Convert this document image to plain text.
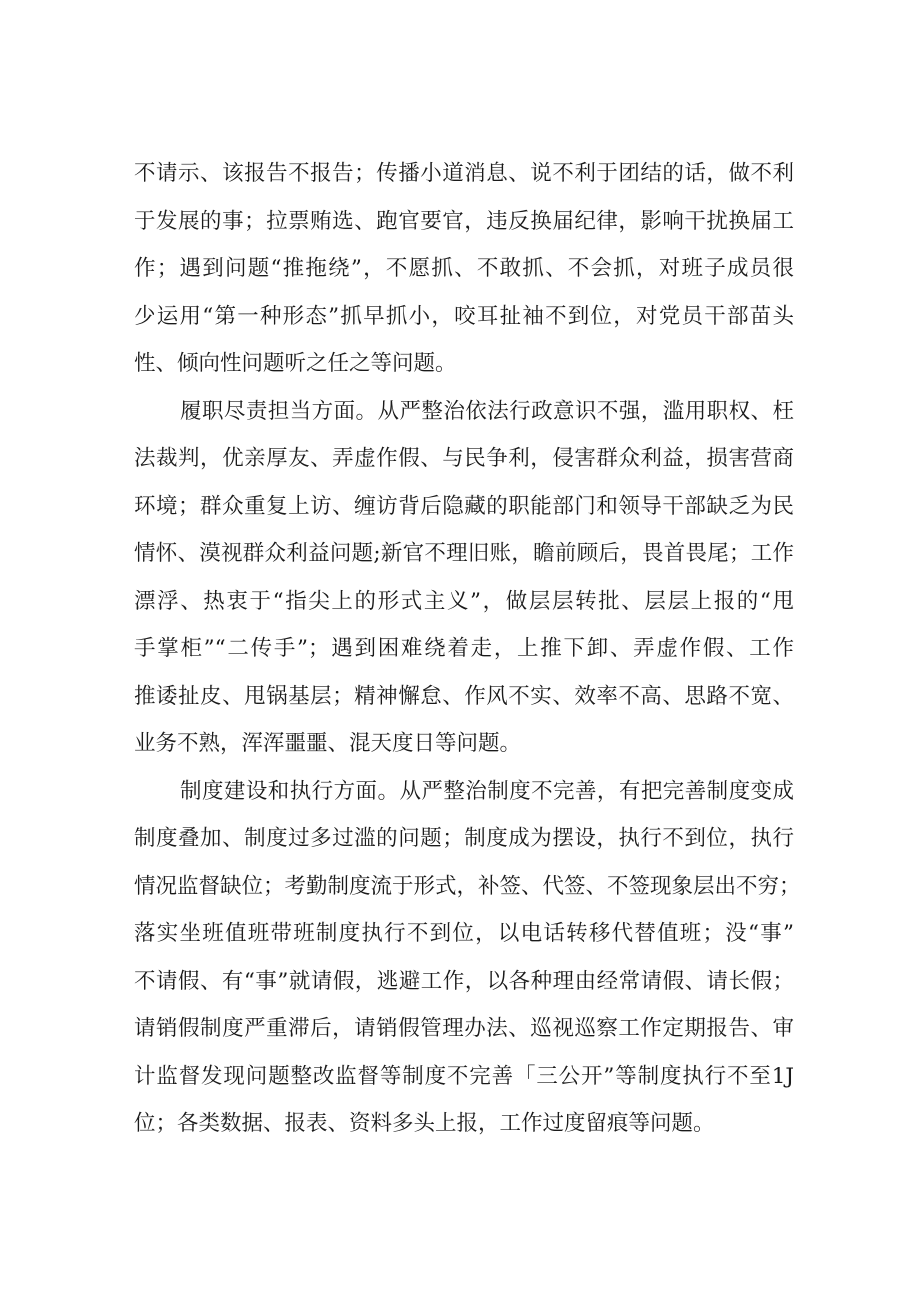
不请示、该报告不报告；传播小道消息、说不利于团结的话，做不利
于发展的事；拉票贿选、跑官要官，违反换届纪律，影响干扰换届工
作；遇到问题“推拖绕”，不愿抓、不敢抓、不会抓，对班子成员很
少运用“第一种形态”抓早抓小，咬耳扯袖不到位，对党员干部苗头
性、倾向性问题听之任之等问题。
履职尽责担当方面。从严整治依法行政意识不强，滥用职权、枉
法裁判，优亲厚友、弄虚作假、与民争利，侵害群众利益，损害营商
环境；群众重复上访、缠访背后隐藏的职能部门和领导干部缺乏为民
情怀、漠视群众利益问题;新官不理旧账，瞻前顾后，畏首畏尾；工作
漂浮、热衷于“指尖上的形式主义”，做层层转批、层层上报的“甩
手掌柜”“二传手”；遇到困难绕着走，上推下卸、弄虚作假、工作
推诿扯皮、甩锅基层；精神懈怠、作风不实、效率不高、思路不宽、
业务不熟，浑浑噩噩、混天度日等问题。
制度建设和执行方面。从严整治制度不完善，有把完善制度变成
制度叠加、制度过多过滥的问题；制度成为摆设，执行不到位，执行
情况监督缺位；考勤制度流于形式，补签、代签、不签现象层出不穷；
落实坐班值班带班制度执行不到位，以电话转移代替值班；没“事”
不请假、有“事”就请假，逃避工作，以各种理由经常请假、请长假；
请销假制度严重滞后，请销假管理办法、巡视巡察工作定期报告、审
计监督发现问题整改监督等制度不完善「三公开”等制度执行不至1J
位；各类数据、报表、资料多头上报，工作过度留痕等问题。
